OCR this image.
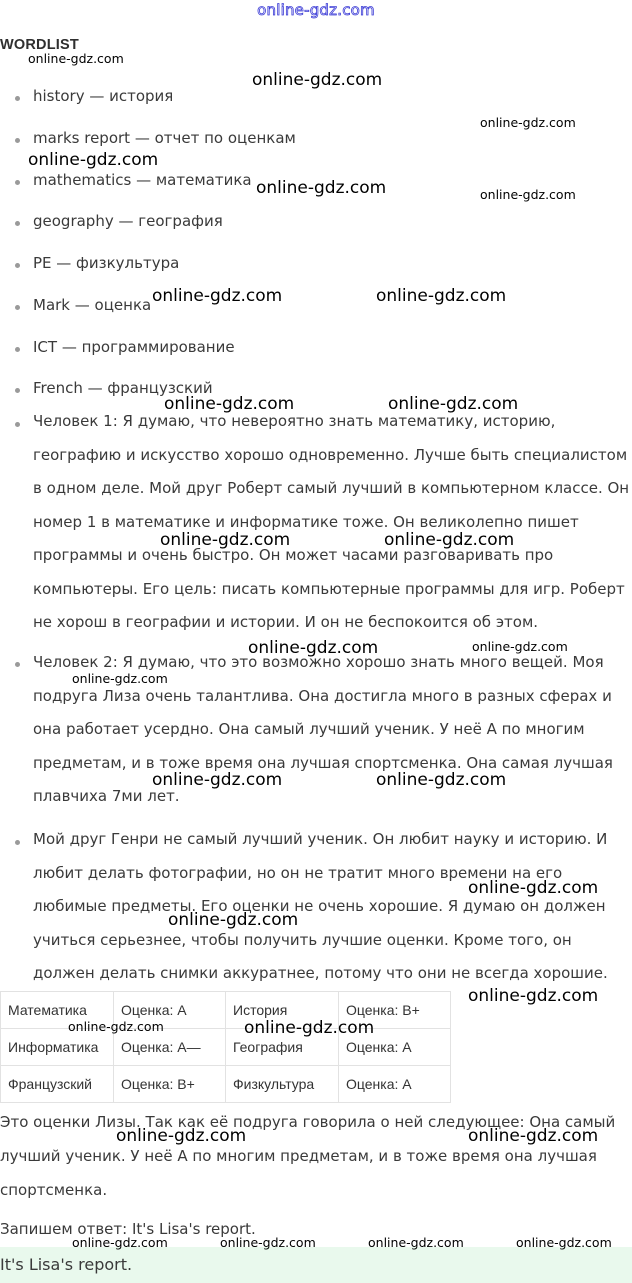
online-gdz.com
WORDLIST
history — история
marks report — отчет по оценкам
mathematics — математика
geography — география
PE — физкультура
Mark — оценка
ICT — программирование
French — французский
Человек 1: Я думаю, что невероятно знать математику, историю, географию и искусство хорошо одновременно. Лучше быть специалистом в одном деле. Мой друг Роберт самый лучший в компьютерном классе. Он номер 1 в математике и информатике тоже. Он великолепно пишет программы и очень быстро. Он может часами разговаривать про компьютеры. Его цель: писать компьютерные программы для игр. Роберт не хорош в географии и истории. И он не беспокоится об этом.
Человек 2: Я думаю, что это возможно хорошо знать много вещей. Моя подруга Лиза очень талантлива. Она достигла много в разных сферах и она работает усердно. Она самый лучший ученик. У неё А по многим предметам, и в тоже время она лучшая спортсменка. Она самая лучшая плавчиха 7ми лет.
Мой друг Генри не самый лучший ученик. Он любит науку и историю. И любит делать фотографии, но он не тратит много времени на его любимые предметы. Его оценки не очень хорошие. Я думаю он должен учиться серьезнее, чтобы получить лучшие оценки. Кроме того, он должен делать снимки аккуратнее, потому что они не всегда хорошие.
Математика	Оценка: A	История	Оценка: B+
Информатика	Оценка: A—	География	Оценка: A
Французский	Оценка: B+	Физкультура	Оценка: A
Это оценки Лизы. Так как её подруга говорила о ней следующее: Она самый лучший ученик. У неё А по многим предметам, и в тоже время она лучшая спортсменка.
Запишем ответ: It's Lisa's report.
It's Lisa's report.
online-gdz.com
online-gdz.com
online-gdz.com
online-gdz.com
online-gdz.com	online-gdz.com
online-gdz.com	online-gdz.com
online-gdz.com	online-gdz.com
online-gdz.com	online-gdz.com
online-gdz.com	online-gdz.com
online-gdz.com
online-gdz.com	online-gdz.com
online-gdz.com
online-gdz.com
online-gdz.com
online-gdz.com	online-gdz.com
online-gdz.com	online-gdz.com
online-gdz.com	online-gdz.com	online-gdz.com	online-gdz.com
